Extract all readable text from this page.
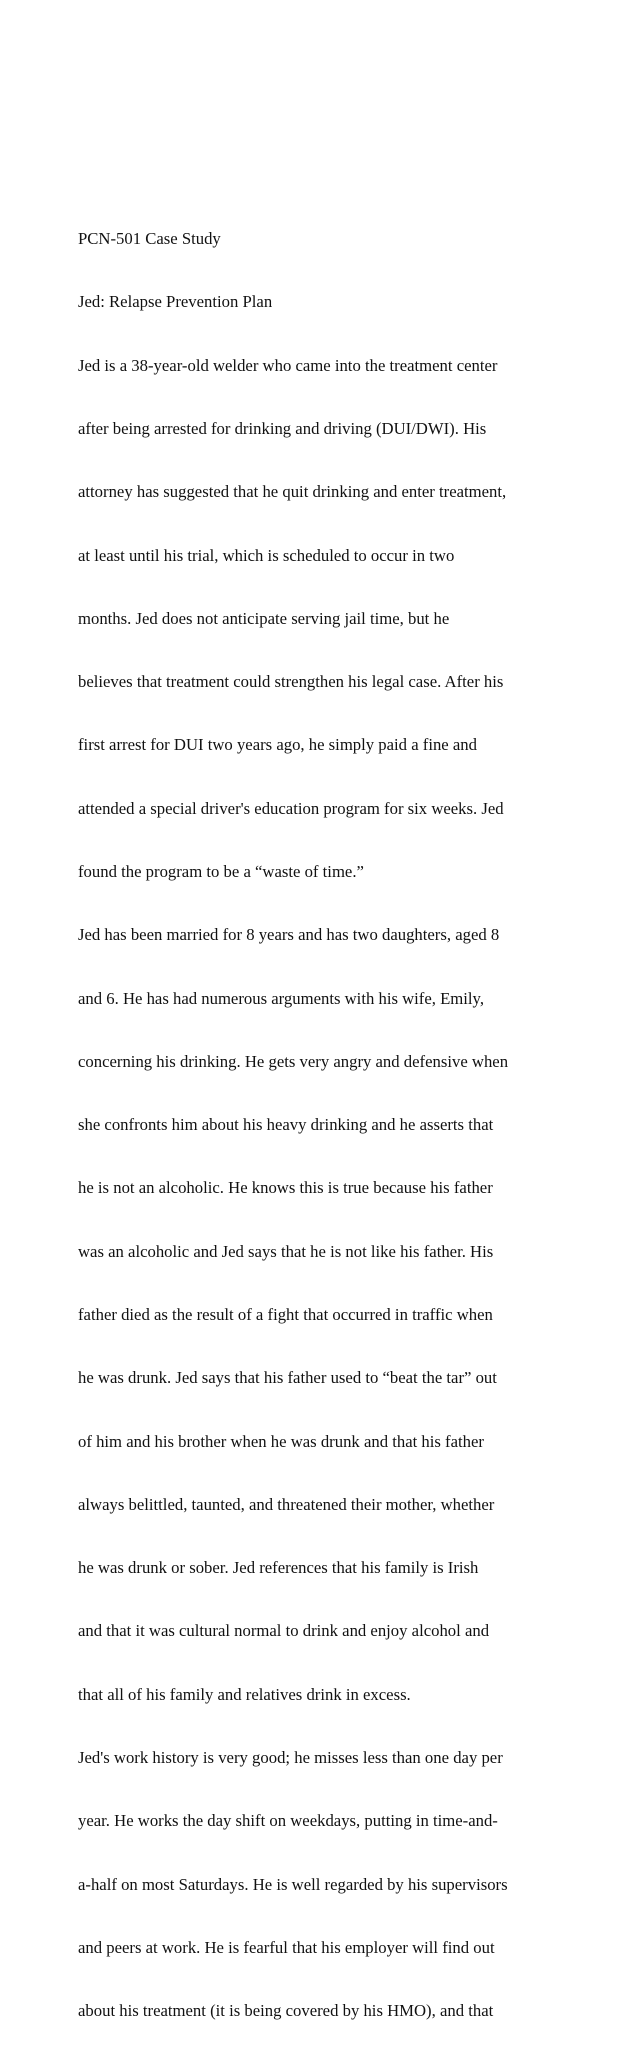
PCN-501 Case Study

Jed: Relapse Prevention Plan

Jed is a 38-year-old welder who came into the treatment center

after being arrested for drinking and driving (DUI/DWI). His

attorney has suggested that he quit drinking and enter treatment,

at least until his trial, which is scheduled to occur in two

months. Jed does not anticipate serving jail time, but he

believes that treatment could strengthen his legal case. After his

first arrest for DUI two years ago, he simply paid a fine and

attended a special driver's education program for six weeks. Jed

found the program to be a “waste of time.”

Jed has been married for 8 years and has two daughters, aged 8

and 6. He has had numerous arguments with his wife, Emily,

concerning his drinking. He gets very angry and defensive when

she confronts him about his heavy drinking and he asserts that

he is not an alcoholic. He knows this is true because his father

was an alcoholic and Jed says that he is not like his father. His

father died as the result of a fight that occurred in traffic when

he was drunk. Jed says that his father used to “beat the tar” out

of him and his brother when he was drunk and that his father

always belittled, taunted, and threatened their mother, whether

he was drunk or sober. Jed references that his family is Irish

and that it was cultural normal to drink and enjoy alcohol and

that all of his family and relatives drink in excess.

Jed's work history is very good; he misses less than one day per

year. He works the day shift on weekdays, putting in time-and-

a-half on most Saturdays. He is well regarded by his supervisors

and peers at work. He is fearful that his employer will find out

about his treatment (it is being covered by his HMO), and that
